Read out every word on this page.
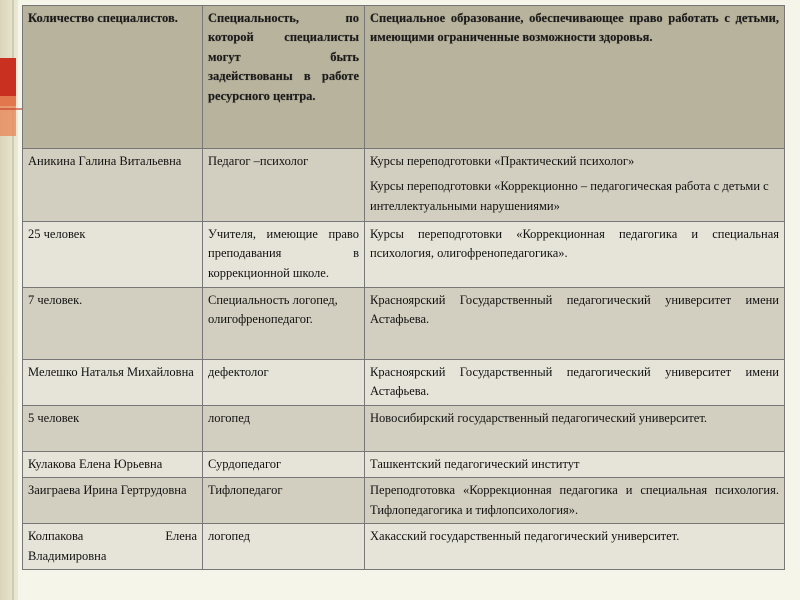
Количество специалистов.	Специальность, по которой специалисты могут быть задействованы в работе ресурсного центра.	Специальное образование, обеспечивающее право работать с детьми, имеющими ограниченные возможности здоровья.
Аникина Галина Витальевна	Педагог –психолог	Курсы переподготовки «Практический психолог»
Курсы переподготовки «Коррекционно – педагогическая работа с детьми с интеллектуальными нарушениями»

25 человек	Учителя, имеющие право преподавания в коррекционной школе.	Курсы переподготовки «Коррекционная педагогика и специальная психология, олигофренопедагогика».
7 человек.	Специальность логопед, олигофренопедагог.	Красноярский Государственный педагогический университет имени Астафьева.
Мелешко Наталья Михайловна	дефектолог	Красноярский Государственный педагогический университет имени Астафьева.
5 человек	логопед	Новосибирский государственный педагогический университет.
Кулакова Елена Юрьевна	Сурдопедагог	Ташкентский педагогический институт
Заиграева Ирина Гертрудовна	Тифлопедагог	Переподготовка «Коррекционная педагогика и специальная психология. Тифлопедагогика и тифлопсихология».
Колпакова Елена Владимировна	логопед	Хакасский государственный педагогический университет.
